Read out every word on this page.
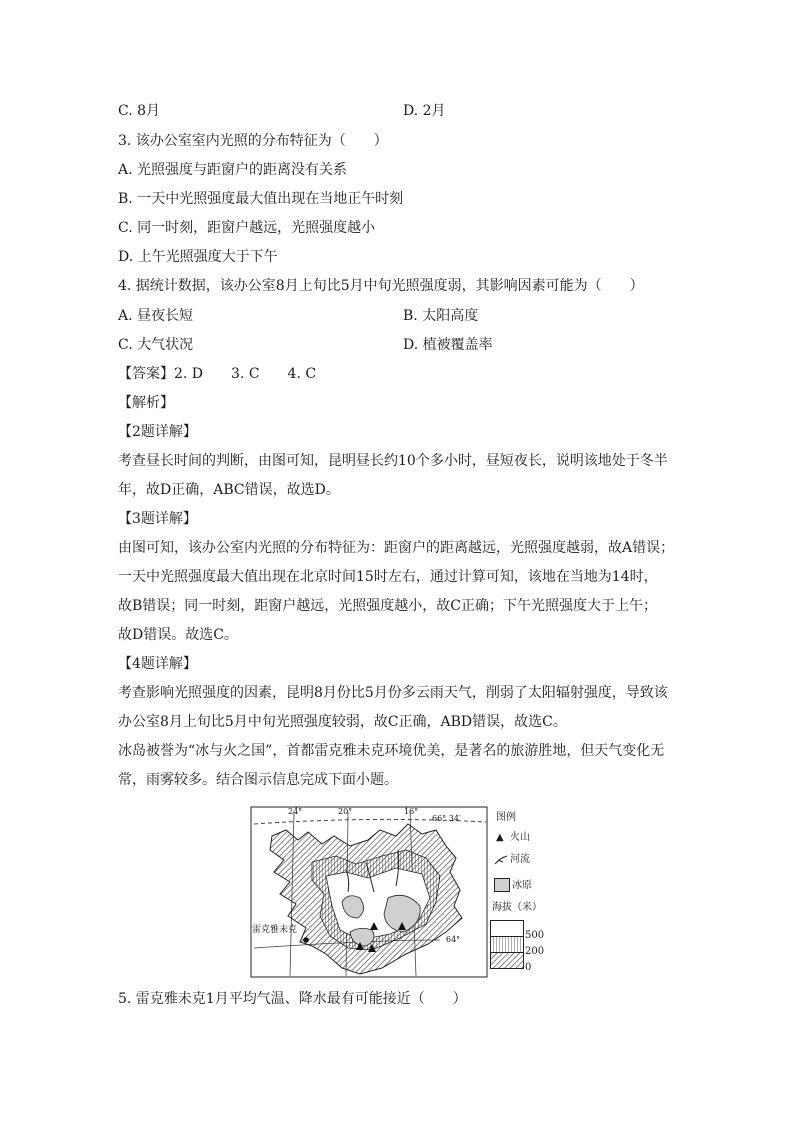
C. 8月	D. 2月
3. 该办公室室内光照的分布特征为（　　）
A. 光照强度与距窗户的距离没有关系
B. 一天中光照强度最大值出现在当地正午时刻
C. 同一时刻，距窗户越远，光照强度越小
D. 上午光照强度大于下午
4. 据统计数据，该办公室8月上旬比5月中旬光照强度弱，其影响因素可能为（　　）
A. 昼夜长短	B. 太阳高度
C. 大气状况	D. 植被覆盖率
【答案】2. D　　3. C　　4. C
【解析】
【2题详解】
考查昼长时间的判断，由图可知，昆明昼长约10个多小时，昼短夜长，说明该地处于冬半
年，故D正确，ABC错误，故选D。
【3题详解】
由图可知，该办公室内光照的分布特征为：距窗户的距离越远，光照强度越弱，故A错误；
一天中光照强度最大值出现在北京时间15时左右，通过计算可知，该地在当地为14时，
故B错误；同一时刻，距窗户越远，光照强度越小，故C正确；下午光照强度大于上午；
故D错误。故选C。
【4题详解】
考查影响光照强度的因素，昆明8月份比5月份多云雨天气，削弱了太阳辐射强度，导致该
办公室8月上旬比5月中旬光照强度较弱，故C正确，ABD错误，故选C。
冰岛被誉为“冰与火之国”，首都雷克雅未克环境优美，是著名的旅游胜地，但天气变化无
常，雨雾较多。结合图示信息完成下面小题。
5. 雷克雅未克1月平均气温、降水最有可能接近（　　）
24°	20°	16°
66° 34′
64°
雷克雅未克
图例
▲ 火山
河流
冰原
海拔（米）
500
200
0
